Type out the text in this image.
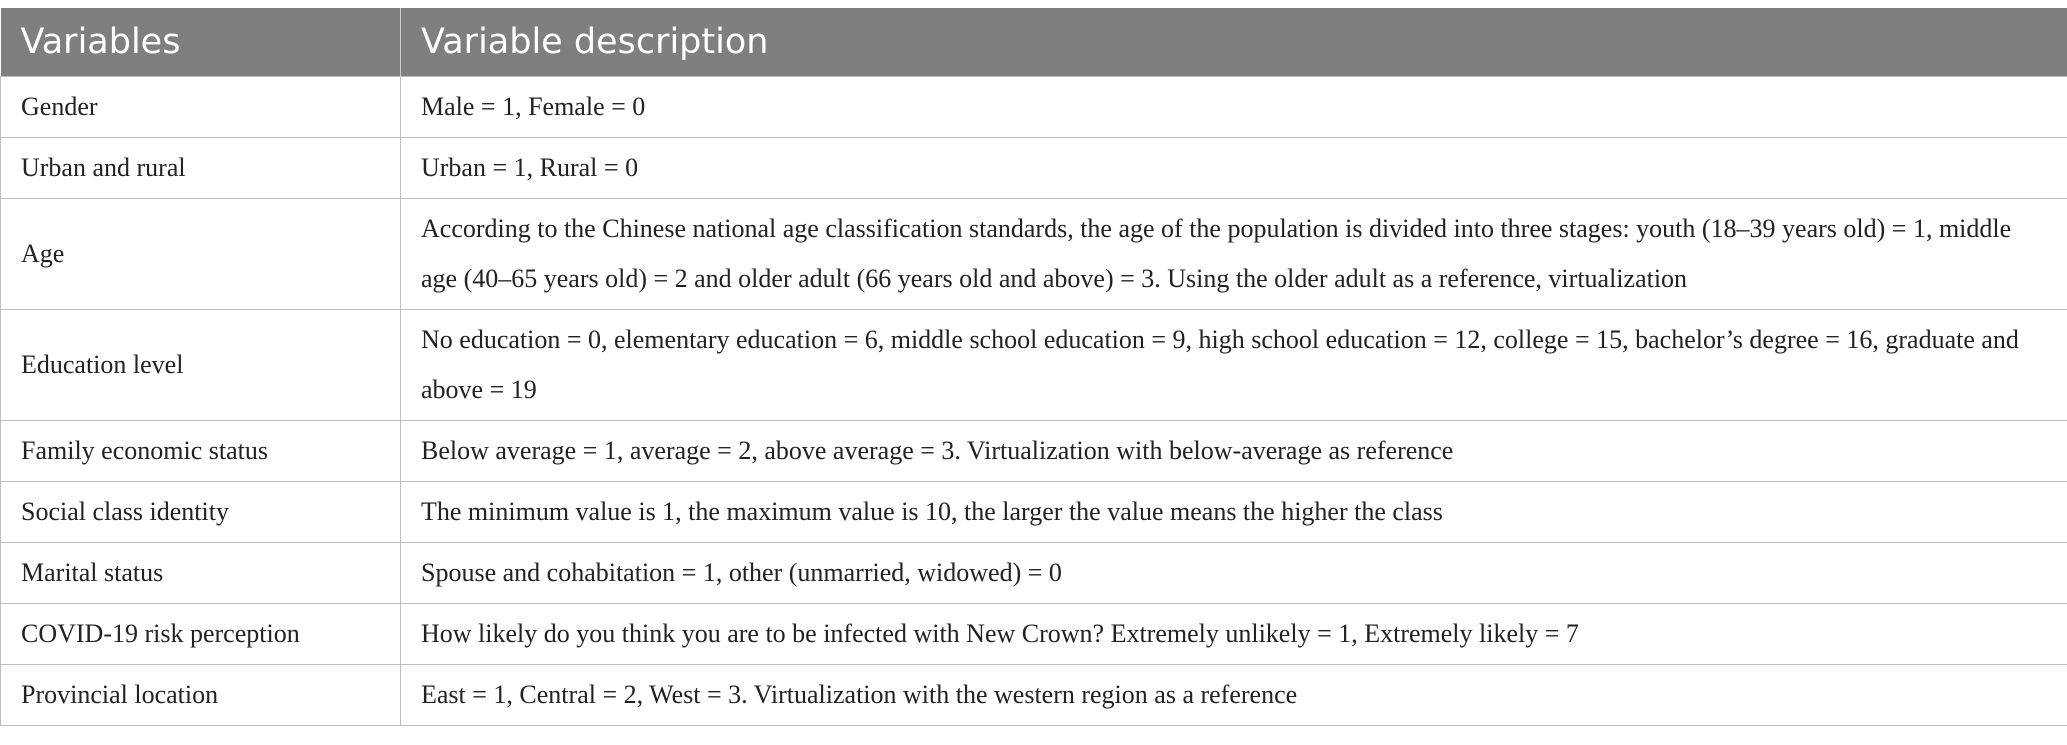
Variables	Variable description
Gender	Male = 1, Female = 0
Urban and rural	Urban = 1, Rural = 0
Age	According to the Chinese national age classification standards, the age of the population is divided into three stages: youth (18–39 years old) = 1, middle age (40–65 years old) = 2 and older adult (66 years old and above) = 3. Using the older adult as a reference, virtualization
Education level	No education = 0, elementary education = 6, middle school education = 9, high school education = 12, college = 15, bachelor’s degree = 16, graduate and above = 19
Family economic status	Below average = 1, average = 2, above average = 3. Virtualization with below-average as reference
Social class identity	The minimum value is 1, the maximum value is 10, the larger the value means the higher the class
Marital status	Spouse and cohabitation = 1, other (unmarried, widowed) = 0
COVID-19 risk perception	How likely do you think you are to be infected with New Crown? Extremely unlikely = 1, Extremely likely = 7
Provincial location	East = 1, Central = 2, West = 3. Virtualization with the western region as a reference
